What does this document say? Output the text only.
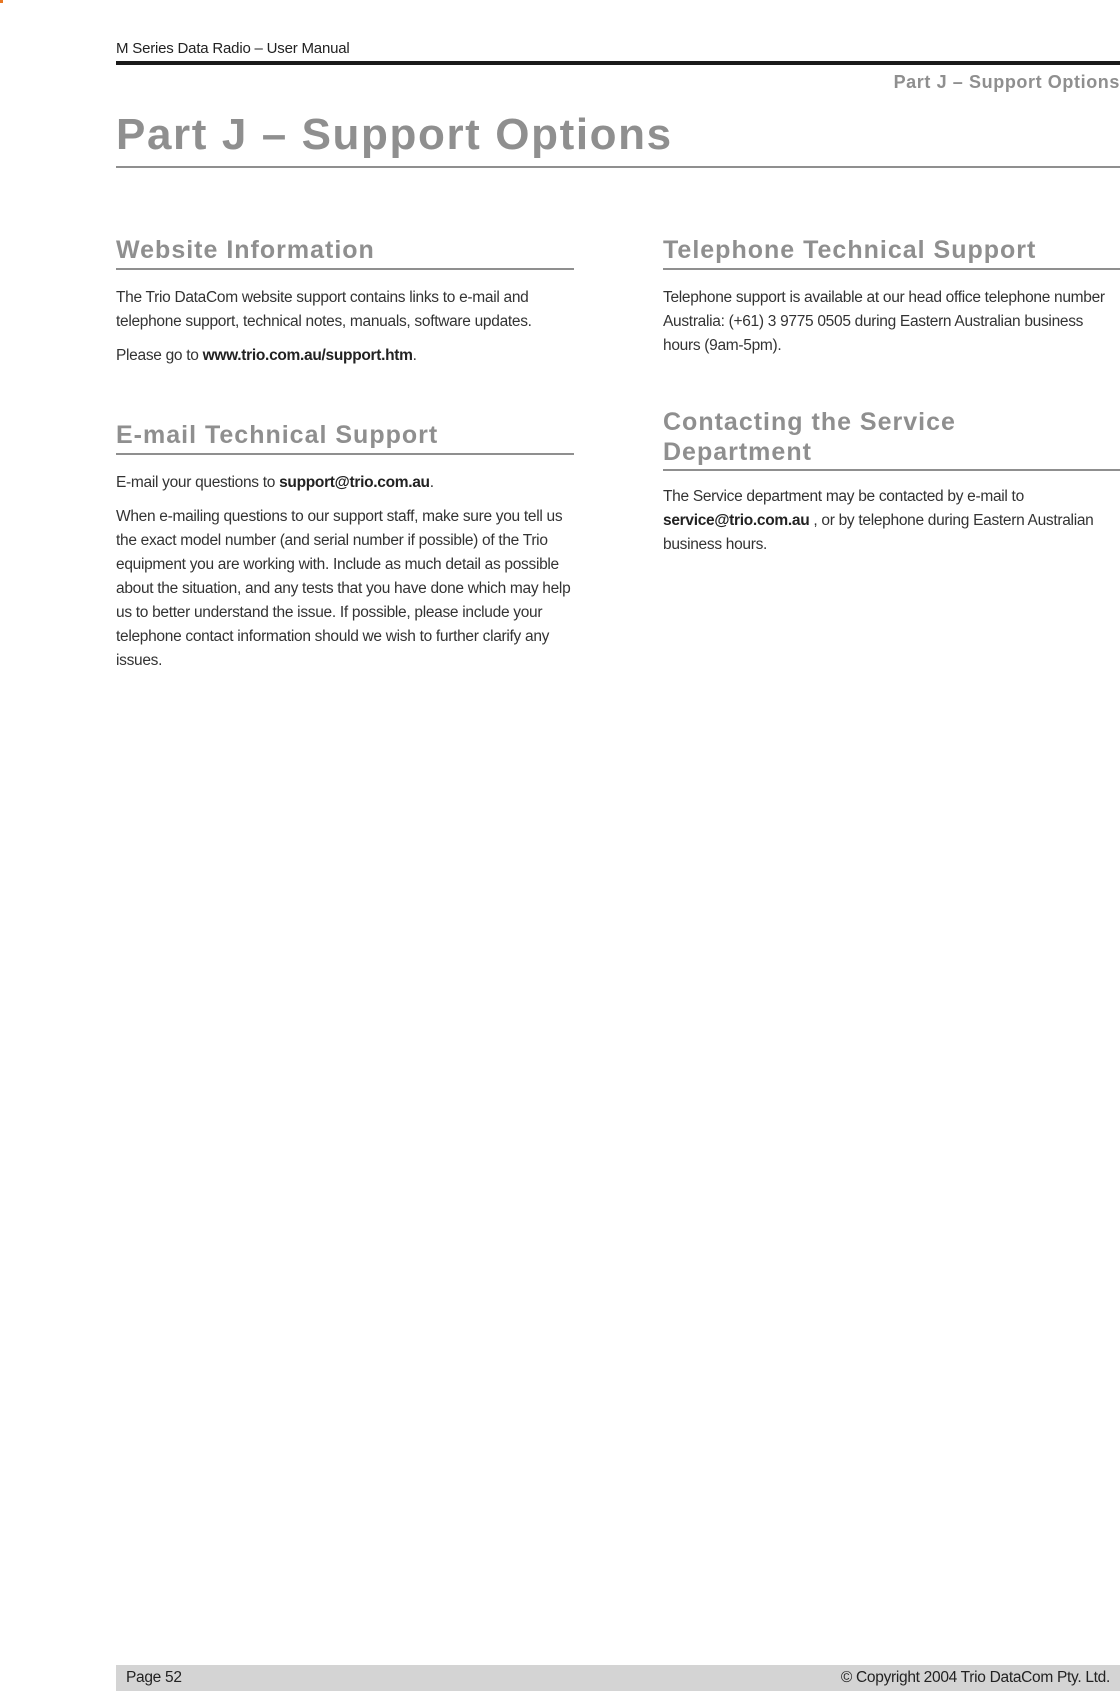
M Series Data Radio – User Manual
Part J – Support Options
Part J – Support Options
Website Information

The Trio DataCom website support contains links to e-mail and telephone support, technical notes, manuals, software updates.

Please go to www.trio.com.au/support.htm.

E-mail Technical Support

E-mail your questions to support@trio.com.au.

When e-mailing questions to our support staff, make sure you tell us the exact model number (and serial number if possible) of the Trio equipment you are working with. Include as much detail as possible about the situation, and any tests that you have done which may help us to better understand the issue. If possible, please include your telephone contact information should we wish to further clarify any issues.

Telephone Technical Support

Telephone support is available at our head office telephone number Australia: (+61) 3 9775 0505 during Eastern Australian business hours (9am-5pm).

Contacting the Service Department

The Service department may be contacted by e-mail to service@trio.com.au , or by telephone during Eastern Australian business hours.

Page 52	© Copyright 2004 Trio DataCom Pty. Ltd.
